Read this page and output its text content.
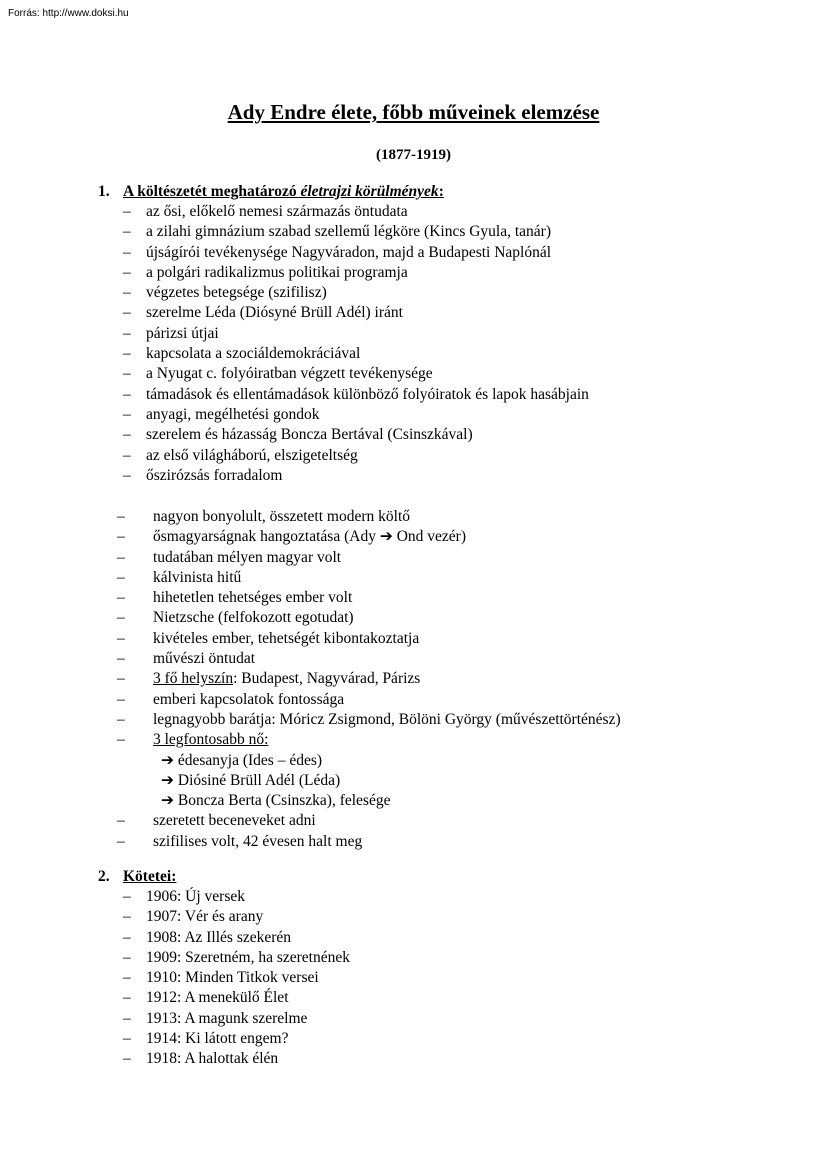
Forrás: http://www.doksi.hu
Ady Endre élete, főbb műveinek elemzése
(1877-1919)
1. A költészetét meghatározó életrajzi körülmények:
– az ősi, előkelő nemesi származás öntudata
– a zilahi gimnázium szabad szellemű légköre (Kincs Gyula, tanár)
– újságírói tevékenysége Nagyváradon, majd a Budapesti Naplónál
– a polgári radikalizmus politikai programja
– végzetes betegsége (szifilisz)
– szerelme Léda (Diósyné Brüll Adél) iránt
– párizsi útjai
– kapcsolata a szociáldemokráciával
– a Nyugat c. folyóiratban végzett tevékenysége
– támadások és ellentámadások különböző folyóiratok és lapok hasábjain
– anyagi, megélhetési gondok
– szerelem és házasság Boncza Bertával (Csinszkával)
– az első világháború, elszigeteltség
– őszirózsás forradalom
– nagyon bonyolult, összetett modern költő
– ősmagyarságnak hangoztatása (Ady ➔ Ond vezér)
– tudatában mélyen magyar volt
– kálvinista hitű
– hihetetlen tehetséges ember volt
– Nietzsche (felfokozott egotudat)
– kivételes ember, tehetségét kibontakoztatja
– művészi öntudat
– 3 fő helyszín: Budapest, Nagyvárad, Párizs
– emberi kapcsolatok fontossága
– legnagyobb barátja: Móricz Zsigmond, Bölöni György (művészettörténész)
– 3 legfontosabb nő:
➔ édesanyja (Ides – édes)
➔ Diósiné Brüll Adél (Léda)
➔ Boncza Berta (Csinszka), felesége
– szeretett beceneveket adni
– szifilises volt, 42 évesen halt meg
2. Kötetei:
– 1906: Új versek
– 1907: Vér és arany
– 1908: Az Illés szekerén
– 1909: Szeretném, ha szeretnének
– 1910: Minden Titkok versei
– 1912: A menekülő Élet
– 1913: A magunk szerelme
– 1914: Ki látott engem?
– 1918: A halottak élén
